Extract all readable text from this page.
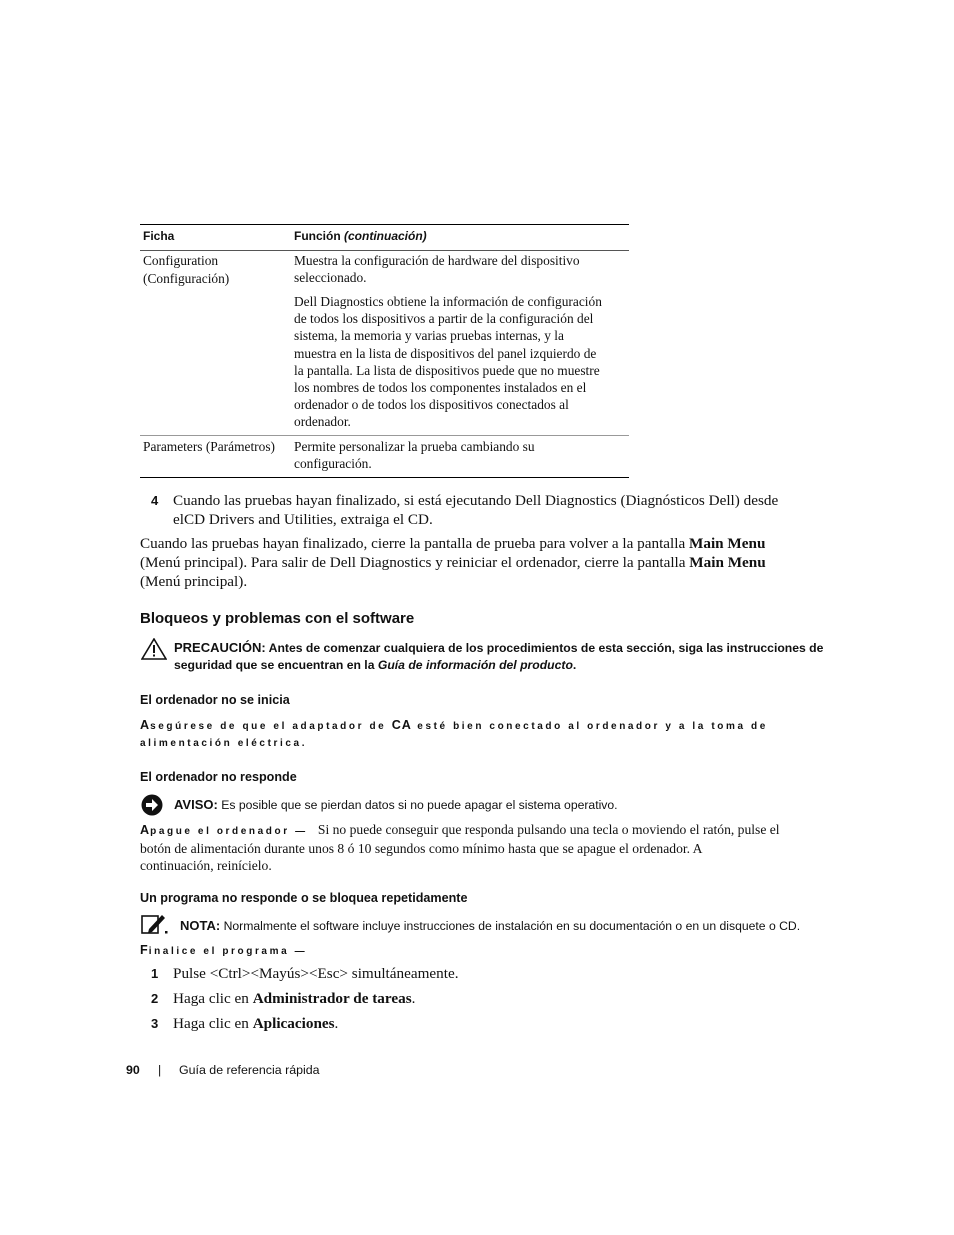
Ficha	Función (continuación)
Configuration
(Configuración)
Muestra la configuración de hardware del dispositivo
seleccionado.
Dell Diagnostics obtiene la información de configuración
de todos los dispositivos a partir de la configuración del
sistema, la memoria y varias pruebas internas, y la
muestra en la lista de dispositivos del panel izquierdo de
la pantalla. La lista de dispositivos puede que no muestre
los nombres de todos los componentes instalados en el
ordenador o de todos los dispositivos conectados al
ordenador.
Parameters (Parámetros)	Permite personalizar la prueba cambiando su
configuración.
4 Cuando las pruebas hayan finalizado, si está ejecutando Dell Diagnostics (Diagnósticos Dell) desde
elCD Drivers and Utilities, extraiga el CD.
Cuando las pruebas hayan finalizado, cierre la pantalla de prueba para volver a la pantalla Main Menu
(Menú principal). Para salir de Dell Diagnostics y reiniciar el ordenador, cierre la pantalla Main Menu
(Menú principal).
Bloqueos y problemas con el software
PRECAUCIÓN: Antes de comenzar cualquiera de los procedimientos de esta sección, siga las instrucciones de
seguridad que se encuentran en la Guía de información del producto.
El ordenador no se inicia
Asegúrese de que el adaptador de CA esté bien conectado al ordenador y a la toma de
alimentación eléctrica.
El ordenador no responde
AVISO: Es posible que se pierdan datos si no puede apagar el sistema operativo.
Apague el ordenador — Si no puede conseguir que responda pulsando una tecla o moviendo el ratón, pulse el
botón de alimentación durante unos 8 ó 10 segundos como mínimo hasta que se apague el ordenador. A
continuación, reinícielo.
Un programa no responde o se bloquea repetidamente
NOTA: Normalmente el software incluye instrucciones de instalación en su documentación o en un disquete o CD.
Finalice el programa —
1 Pulse <Ctrl><Mayús><Esc> simultáneamente.
2 Haga clic en Administrador de tareas.
3 Haga clic en Aplicaciones.
90 | Guía de referencia rápida
